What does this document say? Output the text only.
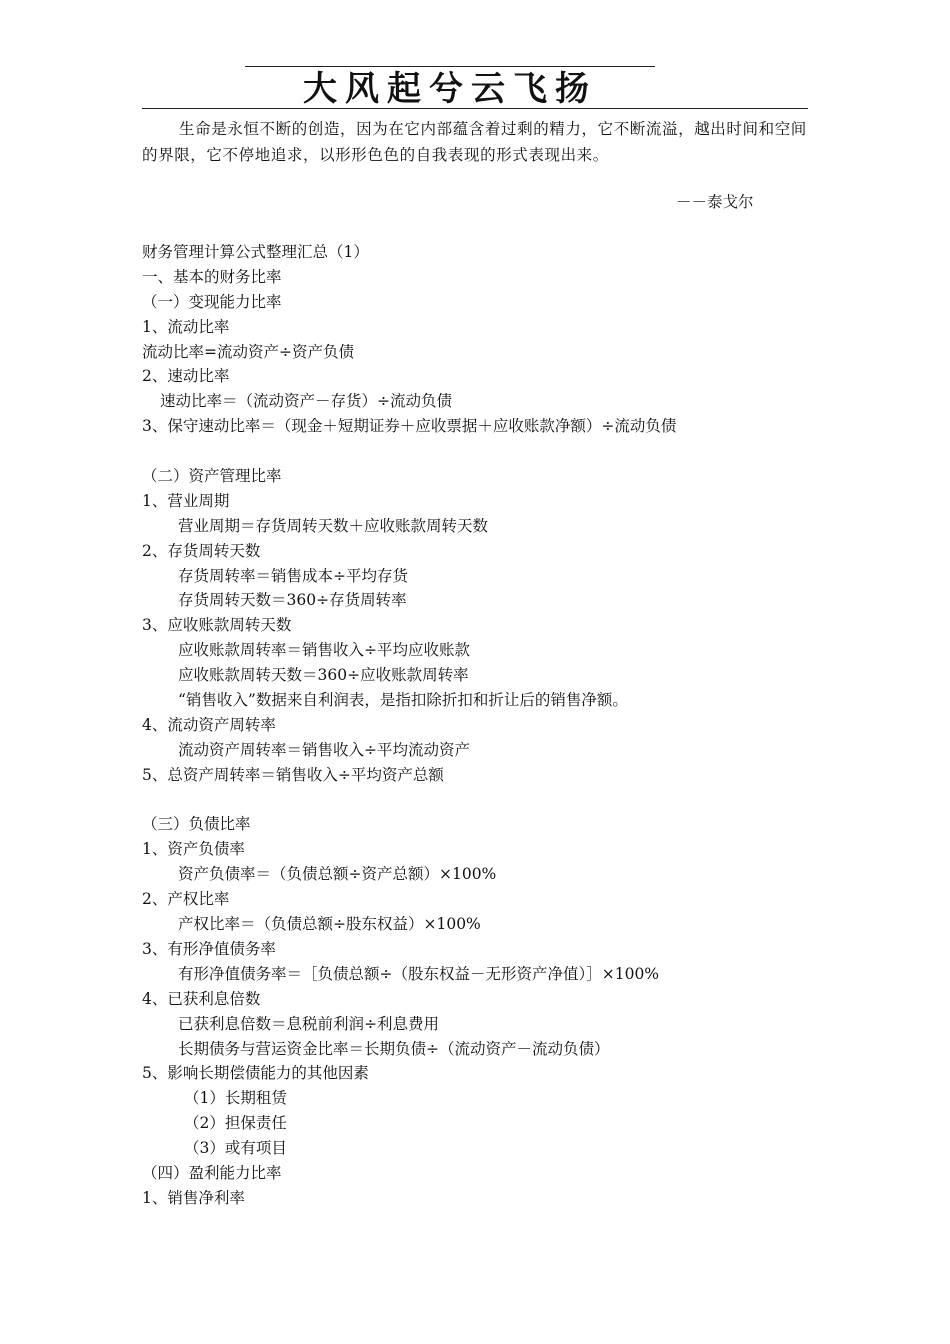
大风起兮云飞扬
生命是永恒不断的创造，因为在它内部蕴含着过剩的精力，它不断流溢，越出时间和空间的界限，它不停地追求，以形形色色的自我表现的形式表现出来。
－－泰戈尔
财务管理计算公式整理汇总（1）
一、基本的财务比率
（一）变现能力比率
1、流动比率
流动比率=流动资产÷资产负债
2、速动比率
速动比率＝（流动资产－存货）÷流动负债
3、保守速动比率＝（现金＋短期证券＋应收票据＋应收账款净额）÷流动负债
（二）资产管理比率
1、营业周期
营业周期＝存货周转天数＋应收账款周转天数
2、存货周转天数
存货周转率＝销售成本÷平均存货
存货周转天数＝360÷存货周转率
3、应收账款周转天数
应收账款周转率＝销售收入÷平均应收账款
应收账款周转天数＝360÷应收账款周转率
“销售收入”数据来自利润表，是指扣除折扣和折让后的销售净额。
4、流动资产周转率
流动资产周转率＝销售收入÷平均流动资产
5、总资产周转率＝销售收入÷平均资产总额
（三）负债比率
1、资产负债率
资产负债率＝（负债总额÷资产总额）×100%
2、产权比率
产权比率＝（负债总额÷股东权益）×100%
3、有形净值债务率
有形净值债务率＝［负债总额÷（股东权益－无形资产净值）］×100%
4、已获利息倍数
已获利息倍数＝息税前利润÷利息费用
长期债务与营运资金比率＝长期负债÷（流动资产－流动负债）
5、影响长期偿债能力的其他因素
（1）长期租赁
（2）担保责任
（3）或有项目
（四）盈利能力比率
1、销售净利率
